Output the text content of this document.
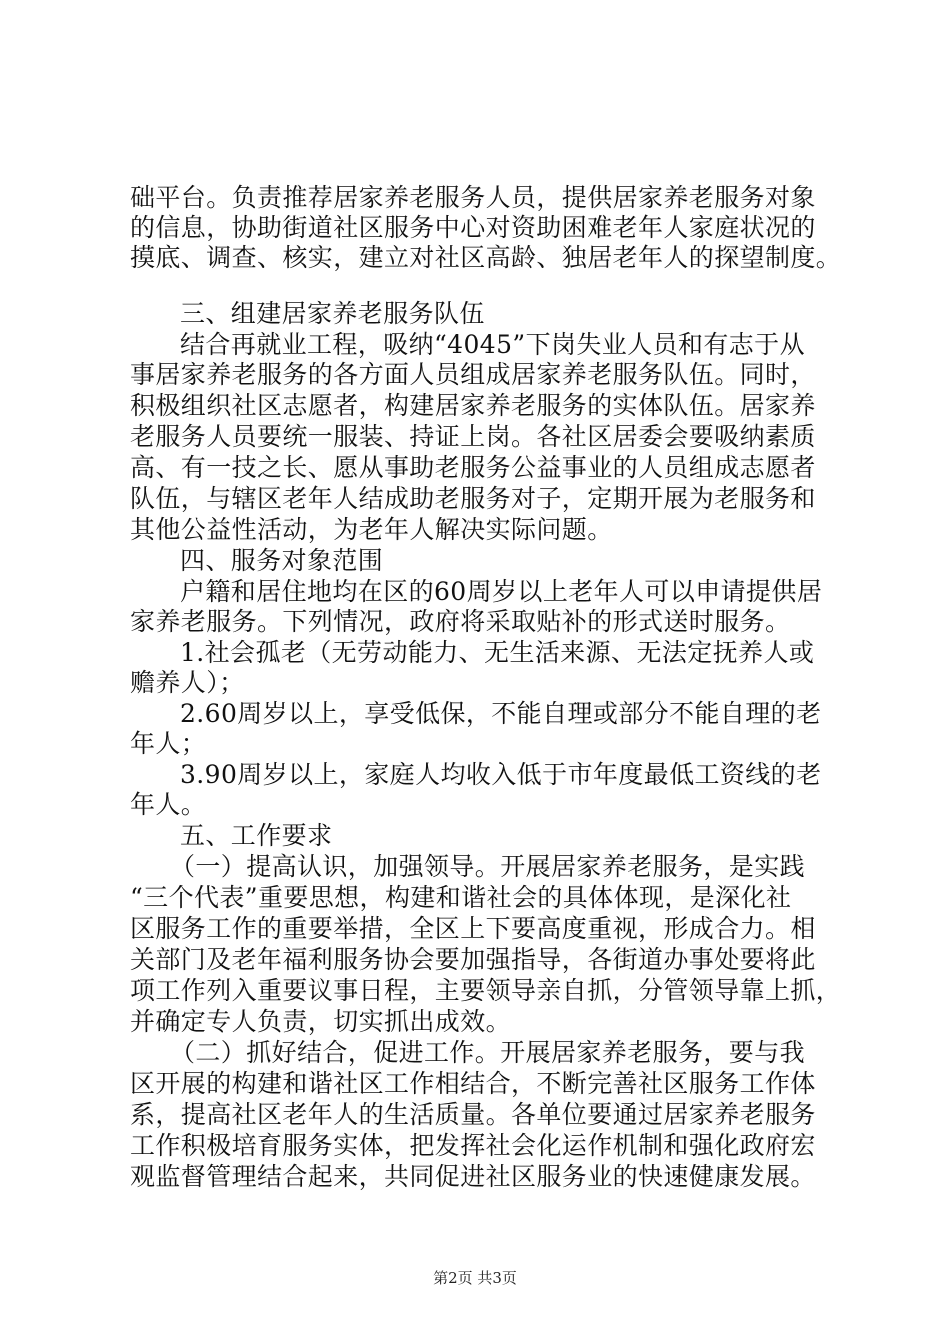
础平台。负责推荐居家养老服务人员，提供居家养老服务对象
的信息，协助街道社区服务中心对资助困难老年人家庭状况的
摸底、调查、核实，建立对社区高龄、独居老年人的探望制度。
三、组建居家养老服务队伍
结合再就业工程，吸纳“4045”下岗失业人员和有志于从
事居家养老服务的各方面人员组成居家养老服务队伍。同时，
积极组织社区志愿者，构建居家养老服务的实体队伍。居家养
老服务人员要统一服装、持证上岗。各社区居委会要吸纳素质
高、有一技之长、愿从事助老服务公益事业的人员组成志愿者
队伍，与辖区老年人结成助老服务对子，定期开展为老服务和
其他公益性活动，为老年人解决实际问题。
四、服务对象范围
户籍和居住地均在区的60周岁以上老年人可以申请提供居
家养老服务。下列情况，政府将采取贴补的形式送时服务。
1.社会孤老（无劳动能力、无生活来源、无法定抚养人或
赡养人）；
2.60周岁以上，享受低保，不能自理或部分不能自理的老
年人；
3.90周岁以上，家庭人均收入低于市年度最低工资线的老
年人。
五、工作要求
（一）提高认识，加强领导。开展居家养老服务，是实践
“三个代表”重要思想，构建和谐社会的具体体现，是深化社
区服务工作的重要举措，全区上下要高度重视，形成合力。相
关部门及老年福利服务协会要加强指导，各街道办事处要将此
项工作列入重要议事日程，主要领导亲自抓，分管领导靠上抓，
并确定专人负责，切实抓出成效。
（二）抓好结合，促进工作。开展居家养老服务，要与我
区开展的构建和谐社区工作相结合，不断完善社区服务工作体
系，提高社区老年人的生活质量。各单位要通过居家养老服务
工作积极培育服务实体，把发挥社会化运作机制和强化政府宏
观监督管理结合起来，共同促进社区服务业的快速健康发展。
第2页 共3页
